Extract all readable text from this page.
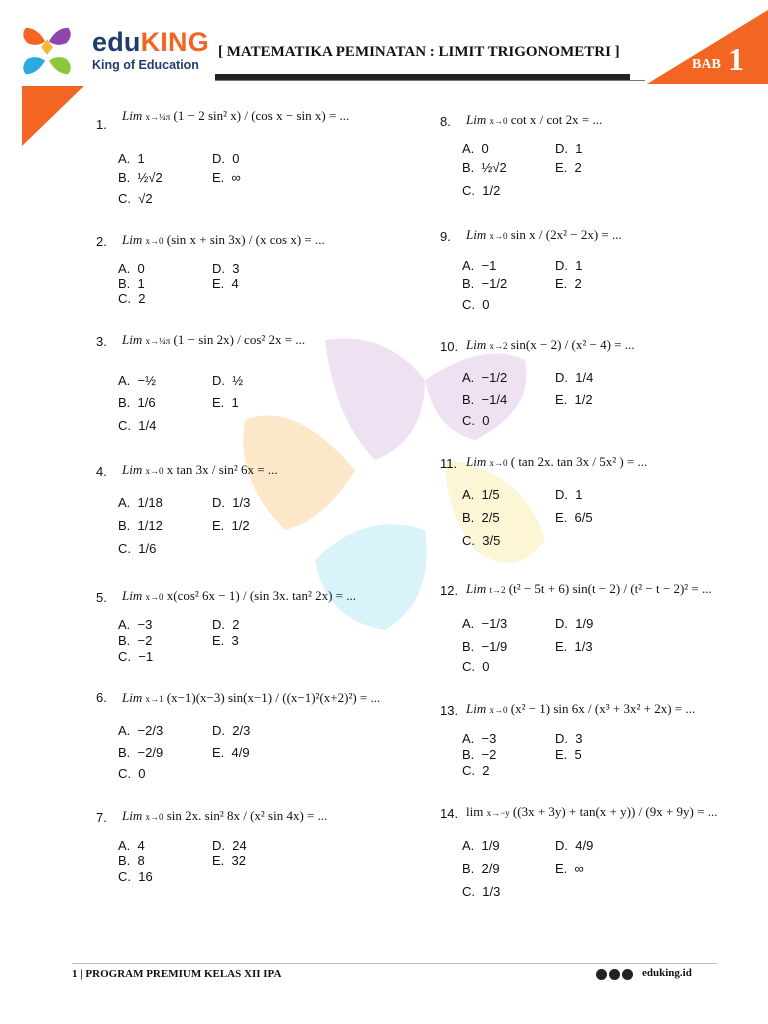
eduKING
King of Education
[ MATEMATIKA PEMINATAN : LIMIT TRIGONOMETRI ]
BAB 1
1.
Lim x→¼π (1 − 2 sin² x) / (cos x − sin x) = ...
A.  1	D.  0
B.  ½√2	E.  ∞
C.  √2
2. Lim x→0 (sin x + sin 3x) / (x cos x) = ...
A.  0	D.  3
B.  1	E.  4
C.  2
3. Lim x→¼π (1 − sin 2x) / cos² 2x = ...
A.  −½	D.  ½
B.  1/6	E.  1
C.  1/4
4. Lim x→0 x tan 3x / sin² 6x = ...
A.  1/18	D.  1/3
B.  1/12	E.  1/2
C.  1/6
5. Lim x→0 x(cos² 6x − 1) / (sin 3x. tan² 2x) = ...
A.  −3	D.  2
B.  −2	E.  3
C.  −1
6. Lim x→1 (x−1)(x−3) sin(x−1) / ((x−1)²(x+2)²) = ...
A.  −2/3	D.  2/3
B.  −2/9	E.  4/9
C.  0
7. Lim x→0 sin 2x. sin² 8x / (x² sin 4x) = ...
A.  4	D.  24
B.  8	E.  32
C.  16
8. Lim x→0 cot x / cot 2x = ...
A.  0	D.  1
B.  ½√2	E.  2
C.  1/2
9. Lim x→0 sin x / (2x² − 2x) = ...
A.  −1	D.  1
B.  −1/2	E.  2
C.  0
10. Lim x→2 sin(x − 2) / (x² − 4) = ...
A.  −1/2	D.  1/4
B.  −1/4	E.  1/2
C.  0
11. Lim x→0 ( tan 2x. tan 3x / 5x² ) = ...
A.  1/5	D.  1
B.  2/5	E.  6/5
C.  3/5
12. Lim t→2 (t² − 5t + 6) sin(t − 2) / (t² − t − 2)² = ...
A.  −1/3	D.  1/9
B.  −1/9	E.  1/3
C.  0
13. Lim x→0 (x² − 1) sin 6x / (x³ + 3x² + 2x) = ...
A.  −3	D.  3
B.  −2	E.  5
C.  2
14. lim x→−y ((3x + 3y) + tan(x + y)) / (9x + 9y) = ...
A.  1/9	D.  4/9
B.  2/9	E.  ∞
C.  1/3
1 | PROGRAM PREMIUM KELAS XII IPA	eduking.id
